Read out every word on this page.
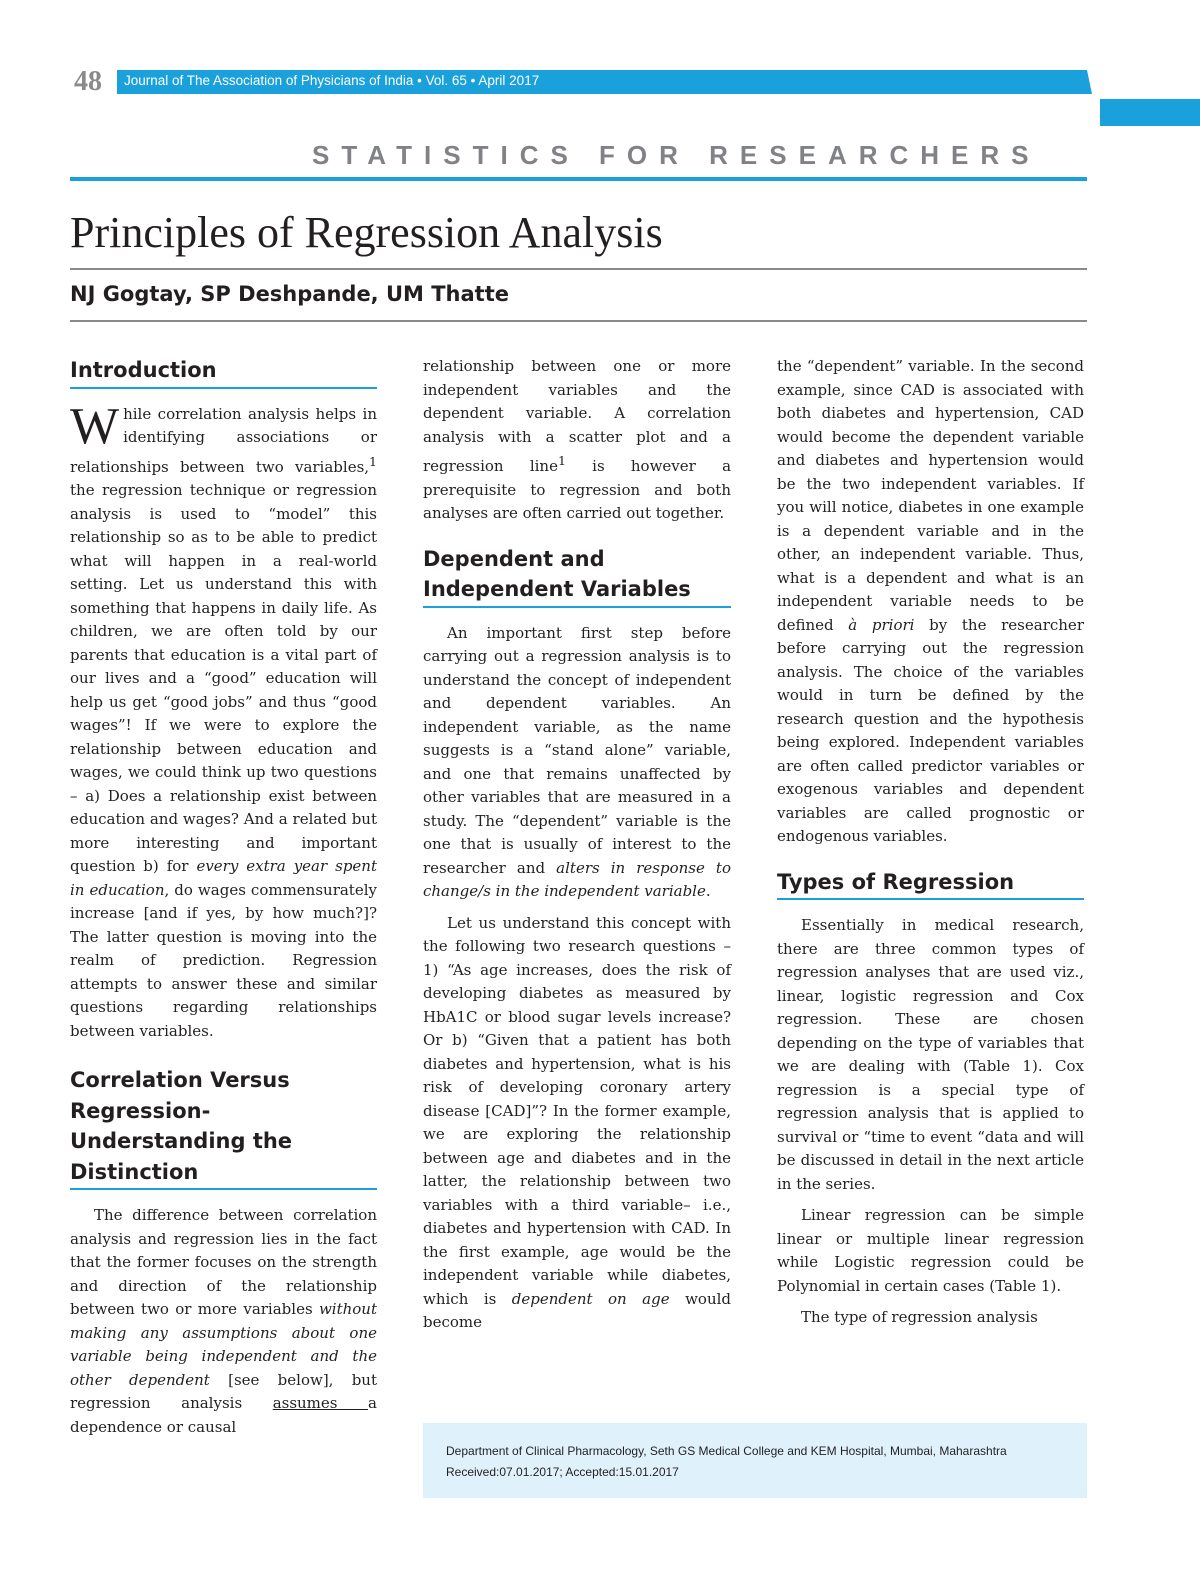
48 Journal of The Association of Physicians of India • Vol. 65 • April 2017
STATISTICS FOR RESEARCHERS
Principles of Regression Analysis
NJ Gogtay, SP Deshpande, UM Thatte
Introduction

While correlation analysis helps in identifying associations or relationships between two variables,$^1$ the regression technique or regression analysis is used to “model” this relationship so as to be able to predict what will happen in a real-world setting. Let us understand this with something that happens in daily life. As children, we are often told by our parents that education is a vital part of our lives and a “good” education will help us get “good jobs” and thus “good wages”! If we were to explore the relationship between education and wages, we could think up two questions – a) Does a relationship exist between education and wages? And a related but more interesting and important question b) for every extra year spent in education, do wages commensurately increase [and if yes, by how much?]? The latter question is moving into the realm of prediction. Regression attempts to answer these and similar questions regarding relationships between variables.

Correlation Versus Regression-Understanding the Distinction

The difference between correlation analysis and regression lies in the fact that the former focuses on the strength and direction of the relationship between two or more variables without making any assumptions about one variable being independent and the other dependent [see below], but regression analysis assumes a dependence or causal

relationship between one or more independent variables and the dependent variable. A correlation analysis with a scatter plot and a regression line$^1$ is however a prerequisite to regression and both analyses are often carried out together.

Dependent and Independent Variables

An important first step before carrying out a regression analysis is to understand the concept of independent and dependent variables. An independent variable, as the name suggests is a “stand alone” variable, and one that remains unaffected by other variables that are measured in a study. The “dependent” variable is the one that is usually of interest to the researcher and alters in response to change/s in the independent variable.

Let us understand this concept with the following two research questions – 1) “As age increases, does the risk of developing diabetes as measured by HbA1C or blood sugar levels increase? Or b) “Given that a patient has both diabetes and hypertension, what is his risk of developing coronary artery disease [CAD]”? In the former example, we are exploring the relationship between age and diabetes and in the latter, the relationship between two variables with a third variable– i.e., diabetes and hypertension with CAD. In the first example, age would be the independent variable while diabetes, which is dependent on age would become

the “dependent” variable. In the second example, since CAD is associated with both diabetes and hypertension, CAD would become the dependent variable and diabetes and hypertension would be the two independent variables. If you will notice, diabetes in one example is a dependent variable and in the other, an independent variable. Thus, what is a dependent and what is an independent variable needs to be defined à priori by the researcher before carrying out the regression analysis. The choice of the variables would in turn be defined by the research question and the hypothesis being explored. Independent variables are often called predictor variables or exogenous variables and dependent variables are called prognostic or endogenous variables.

Types of Regression

Essentially in medical research, there are three common types of regression analyses that are used viz., linear, logistic regression and Cox regression. These are chosen depending on the type of variables that we are dealing with (Table 1). Cox regression is a special type of regression analysis that is applied to survival or “time to event “data and will be discussed in detail in the next article in the series.

Linear regression can be simple linear or multiple linear regression while Logistic regression could be Polynomial in certain cases (Table 1).

The type of regression analysis

Department of Clinical Pharmacology, Seth GS Medical College and KEM Hospital, Mumbai, Maharashtra
Received:07.01.2017; Accepted:15.01.2017
